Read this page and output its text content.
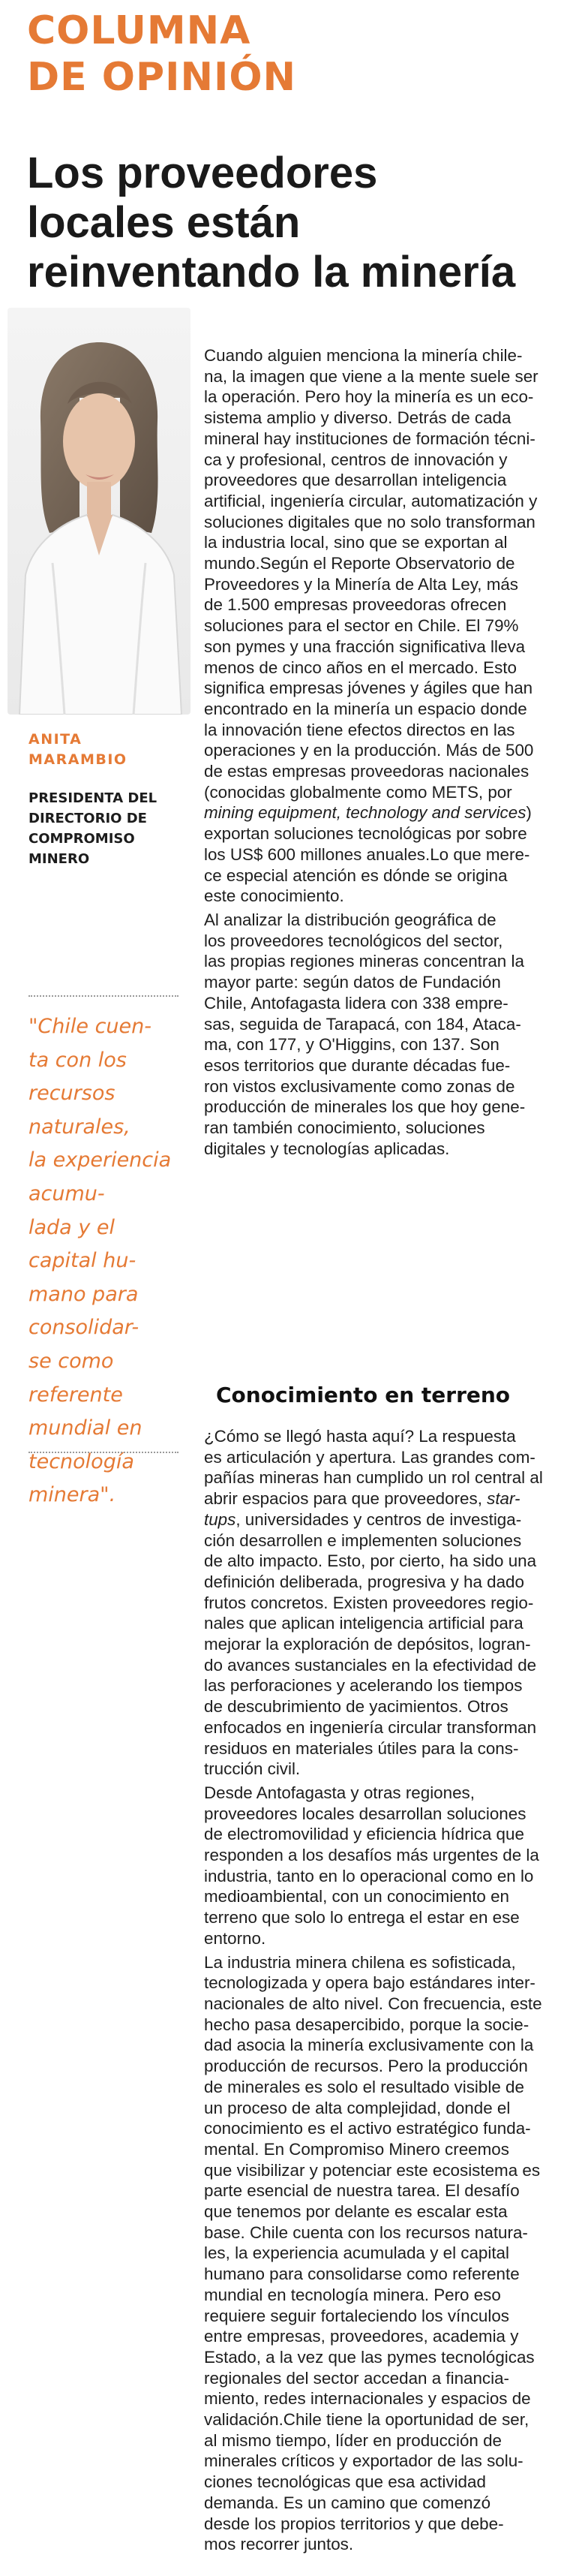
COLUMNA
DE OPINIÓN
Los proveedores
locales están
reinventando la minería
ANITA
MARAMBIO
PRESIDENTA DEL
DIRECTORIO DE
COMPROMISO
MINERO
"Chile cuen-
ta con los
recursos
naturales,
la experiencia
acumu-
lada y el
capital hu-
mano para
consolidar-
se como
referente
mundial en
tecnología
minera".

Cuando alguien menciona la minería chile-
na, la imagen que viene a la mente suele ser
la operación. Pero hoy la minería es un eco-
sistema amplio y diverso. Detrás de cada
mineral hay instituciones de formación técni-
ca y profesional, centros de innovación y
proveedores que desarrollan inteligencia
artificial, ingeniería circular, automatización y
soluciones digitales que no solo transforman
la industria local, sino que se exportan al
mundo.Según el Reporte Observatorio de
Proveedores y la Minería de Alta Ley, más
de 1.500 empresas proveedoras ofrecen
soluciones para el sector en Chile. El 79%
son pymes y una fracción significativa lleva
menos de cinco años en el mercado. Esto
significa empresas jóvenes y ágiles que han
encontrado en la minería un espacio donde
la innovación tiene efectos directos en las
operaciones y en la producción. Más de 500
de estas empresas proveedoras nacionales
(conocidas globalmente como METS, por
mining equipment, technology and services)
exportan soluciones tecnológicas por sobre
los US$ 600 millones anuales.Lo que mere-
ce especial atención es dónde se origina
este conocimiento.

Al analizar la distribución geográfica de
los proveedores tecnológicos del sector,
las propias regiones mineras concentran la
mayor parte: según datos de Fundación
Chile, Antofagasta lidera con 338 empre-
sas, seguida de Tarapacá, con 184, Ataca-
ma, con 177, y O'Higgins, con 137. Son
esos territorios que durante décadas fue-
ron vistos exclusivamente como zonas de
producción de minerales los que hoy gene-
ran también conocimiento, soluciones
digitales y tecnologías aplicadas.

Conocimiento en terreno

¿Cómo se llegó hasta aquí? La respuesta
es articulación y apertura. Las grandes com-
pañías mineras han cumplido un rol central al
abrir espacios para que proveedores, star-
tups, universidades y centros de investiga-
ción desarrollen e implementen soluciones
de alto impacto. Esto, por cierto, ha sido una
definición deliberada, progresiva y ha dado
frutos concretos. Existen proveedores regio-
nales que aplican inteligencia artificial para
mejorar la exploración de depósitos, logran-
do avances sustanciales en la efectividad de
las perforaciones y acelerando los tiempos
de descubrimiento de yacimientos. Otros
enfocados en ingeniería circular transforman
residuos en materiales útiles para la cons-
trucción civil.

Desde Antofagasta y otras regiones,
proveedores locales desarrollan soluciones
de electromovilidad y eficiencia hídrica que
responden a los desafíos más urgentes de la
industria, tanto en lo operacional como en lo
medioambiental, con un conocimiento en
terreno que solo lo entrega el estar en ese
entorno.

La industria minera chilena es sofisticada,
tecnologizada y opera bajo estándares inter-
nacionales de alto nivel. Con frecuencia, este
hecho pasa desapercibido, porque la socie-
dad asocia la minería exclusivamente con la
producción de recursos. Pero la producción
de minerales es solo el resultado visible de
un proceso de alta complejidad, donde el
conocimiento es el activo estratégico funda-
mental. En Compromiso Minero creemos
que visibilizar y potenciar este ecosistema es
parte esencial de nuestra tarea. El desafío
que tenemos por delante es escalar esta
base. Chile cuenta con los recursos natura-
les, la experiencia acumulada y el capital
humano para consolidarse como referente
mundial en tecnología minera. Pero eso
requiere seguir fortaleciendo los vínculos
entre empresas, proveedores, academia y
Estado, a la vez que las pymes tecnológicas
regionales del sector accedan a financia-
miento, redes internacionales y espacios de
validación.Chile tiene la oportunidad de ser,
al mismo tiempo, líder en producción de
minerales críticos y exportador de las solu-
ciones tecnológicas que esa actividad
demanda. Es un camino que comenzó
desde los propios territorios y que debe-
mos recorrer juntos.
